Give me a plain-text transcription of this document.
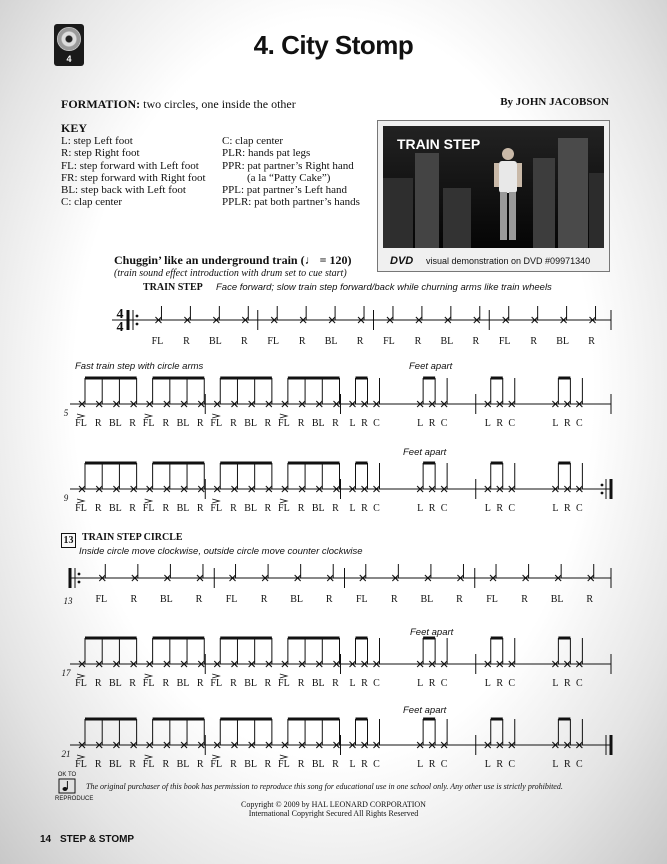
4	4. City Stomp
FORMATION: two circles, one inside the other	By JOHN JACOBSON
KEY
L: step Left foot
R: step Right foot
FL: step forward with Left foot
FR: step forward with Right foot
BL: step back with Left foot
C: clap center
C: clap center
PLR: hands pat legs
PPR: pat partner’s Right hand
(a la “Patty Cake”)
PPL: pat partner’s Left hand
PPLR: pat both partner’s hands
TRAIN STEP
DVD visual demonstration on DVD #09971340
Chuggin’ like an underground train (♩ = 120)
(train sound effect introduction with drum set to cue start)
TRAIN STEP Face forward; slow train step forward/back while churning arms like train wheels
Fast train step with circle arms	Feet apart
Feet apart
13 TRAIN STEP CIRCLE
Inside circle move clockwise, outside circle move counter clockwise
Feet apart
Feet apart
4
4
FL R BL R FL R BL R FL R BL R FL R BL R
FL R BL R FL R BL R FL R BL R FL R BL R L R C	L R C	L R C	L R C
5
FL R BL R FL R BL R FL R BL R FL R BL R L R C	L R C	L R C	L R C
9
FL R BL R FL R BL R FL R BL R FL R BL R
13
FL R BL R FL R BL R FL R BL R FL R BL R L R C	L R C	L R C	L R C
17
FL R BL R FL R BL R FL R BL R FL R BL R L R C	L R C	L R C	L R C
21
OK TO
REPRODUCE
The original purchaser of this book has permission to reproduce this song for educational use in one school only. Any other use is strictly prohibited.
Copyright © 2009 by HAL LEONARD CORPORATION
International Copyright Secured All Rights Reserved
14 STEP & STOMP
